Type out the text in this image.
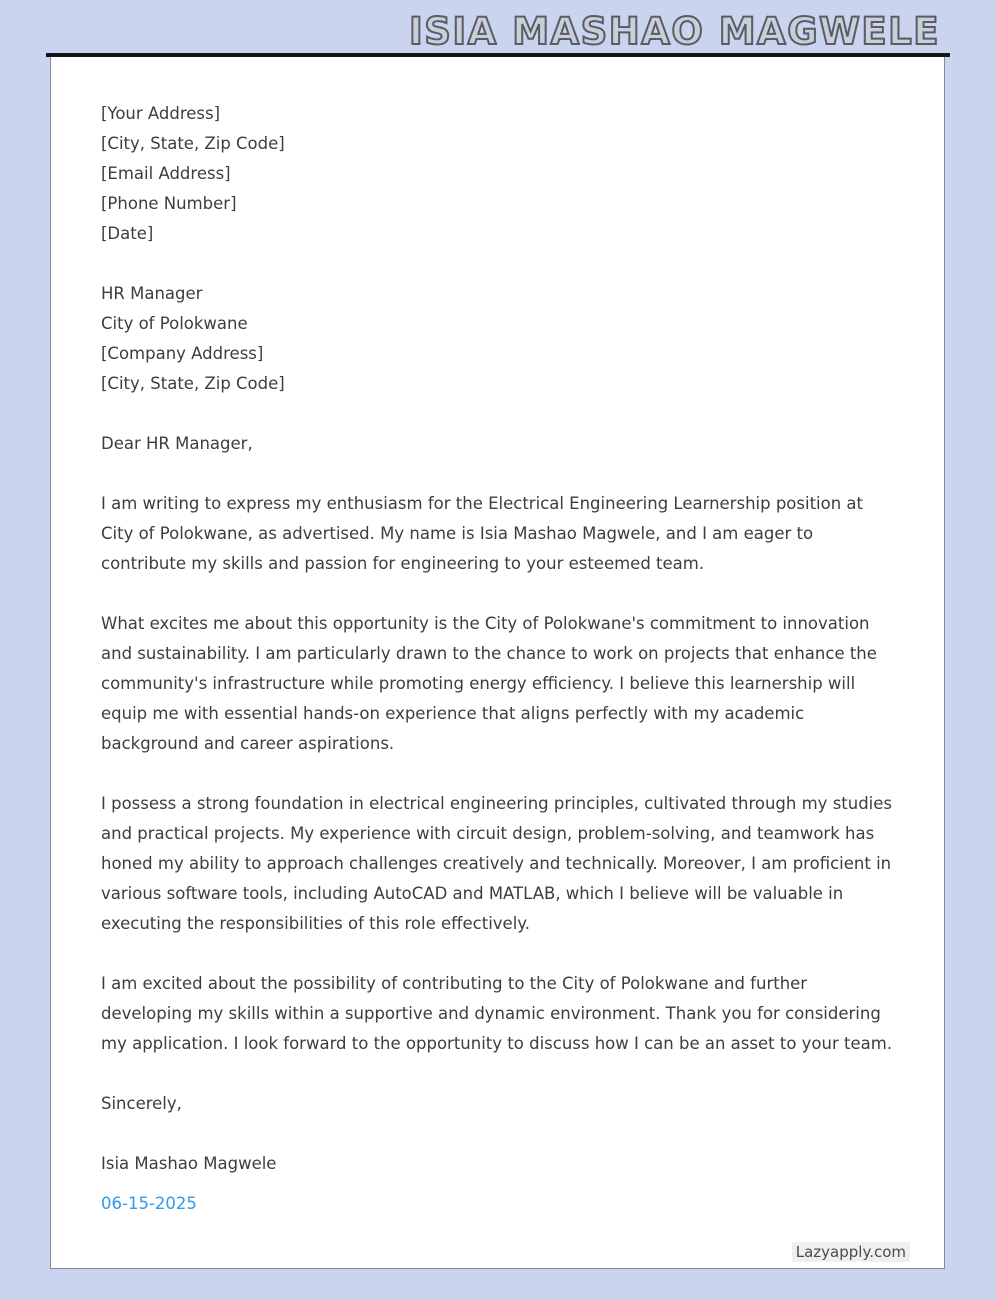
ISIA MASHAO MAGWELE
[Your Address]
[City, State, Zip Code]
[Email Address]
[Phone Number]
[Date]
HR Manager
City of Polokwane
[Company Address]
[City, State, Zip Code]

Dear HR Manager,

I am writing to express my enthusiasm for the Electrical Engineering Learnership position at City of Polokwane, as advertised. My name is Isia Mashao Magwele, and I am eager to contribute my skills and passion for engineering to your esteemed team.

What excites me about this opportunity is the City of Polokwane's commitment to innovation and sustainability. I am particularly drawn to the chance to work on projects that enhance the community's infrastructure while promoting energy efficiency. I believe this learnership will equip me with essential hands-on experience that aligns perfectly with my academic background and career aspirations.

I possess a strong foundation in electrical engineering principles, cultivated through my studies and practical projects. My experience with circuit design, problem-solving, and teamwork has honed my ability to approach challenges creatively and technically. Moreover, I am proficient in various software tools, including AutoCAD and MATLAB, which I believe will be valuable in executing the responsibilities of this role effectively.

I am excited about the possibility of contributing to the City of Polokwane and further developing my skills within a supportive and dynamic environment. Thank you for considering my application. I look forward to the opportunity to discuss how I can be an asset to your team.

Sincerely,

Isia Mashao Magwele

06-15-2025

Lazyapply.com
